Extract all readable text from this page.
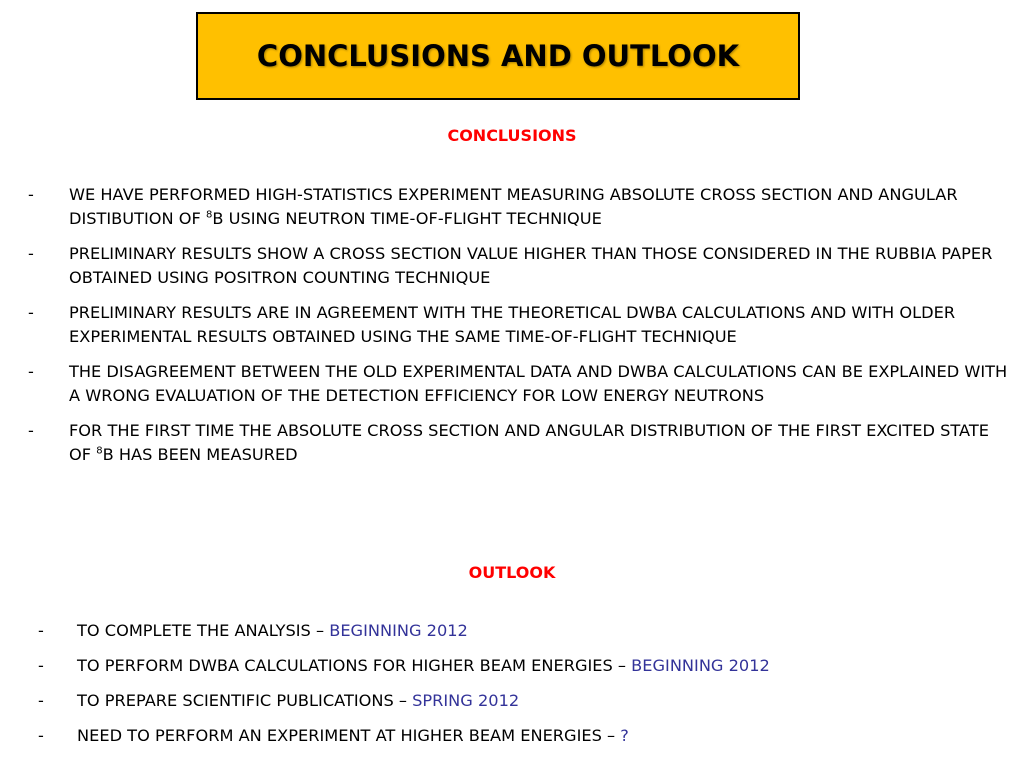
CONCLUSIONS AND OUTLOOK
CONCLUSIONS
-	WE HAVE PERFORMED HIGH-STATISTICS EXPERIMENT MEASURING ABSOLUTE CROSS SECTION AND ANGULAR DISTIBUTION OF $^8$B USING NEUTRON TIME-OF-FLIGHT TECHNIQUE
-	PRELIMINARY RESULTS SHOW A CROSS SECTION VALUE HIGHER THAN THOSE CONSIDERED IN THE RUBBIA PAPER OBTAINED USING POSITRON COUNTING TECHNIQUE
-	PRELIMINARY RESULTS ARE IN AGREEMENT WITH THE THEORETICAL DWBA CALCULATIONS AND WITH OLDER EXPERIMENTAL RESULTS OBTAINED USING THE SAME TIME-OF-FLIGHT TECHNIQUE
-	THE DISAGREEMENT BETWEEN THE OLD EXPERIMENTAL DATA AND DWBA CALCULATIONS CAN BE EXPLAINED WITH A WRONG EVALUATION OF THE DETECTION EFFICIENCY FOR LOW ENERGY NEUTRONS
-	FOR THE FIRST TIME THE ABSOLUTE CROSS SECTION AND ANGULAR DISTRIBUTION OF THE FIRST EXCITED STATE OF $^8$B HAS BEEN MEASURED
OUTLOOK
-	TO COMPLETE THE ANALYSIS – BEGINNING 2012
-	TO PERFORM DWBA CALCULATIONS FOR HIGHER BEAM ENERGIES – BEGINNING 2012
-	TO PREPARE SCIENTIFIC PUBLICATIONS – SPRING 2012
-	NEED TO PERFORM AN EXPERIMENT AT HIGHER BEAM ENERGIES – ?
